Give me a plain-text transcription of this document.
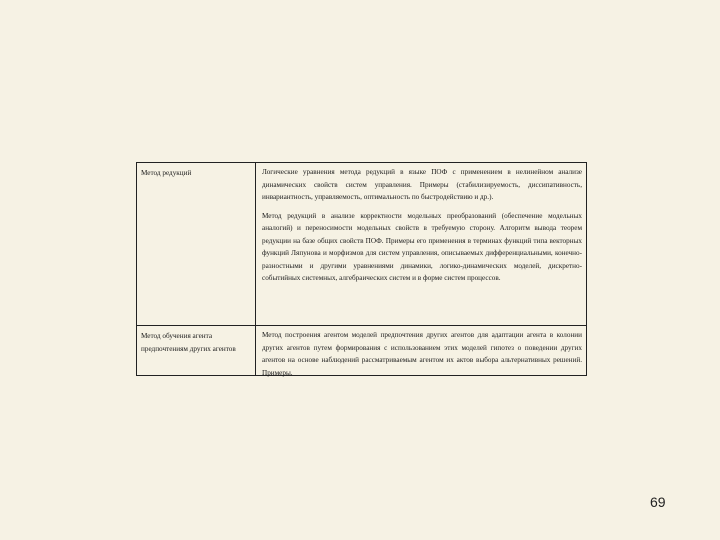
Метод редукций	Логические уравнения метода редукций в языке ПОФ с применением в нелинейном анализе динамических свойств систем управления. Примеры (стабилизируемость, диссипативность, инвариантность, управляемость, оптимальность по быстродействию и др.).

Метод редукций в анализе корректности модельных преобразований (обеспечение модельных аналогий) и переносимости модельных свойств в требуемую сторону. Алгоритм вывода теорем редукции на базе общих свойств ПОФ. Примеры его применения в терминах функций типа векторных функций Ляпунова и морфизмов для систем управления, описываемых дифференциальными, конечно-разностными и другими уравнениями динамики, логико-динамических моделей, дискретно-событийных системных, алгебраических систем и в форме систем процессов.

Метод обучения агента предпочтениям других агентов

Метод построения агентом моделей предпочтения других агентов для адаптации агента в колонии других агентов путем формирования с использованием этих моделей гипотез о поведении других агентов на основе наблюдений рассматриваемым агентом их актов выбора альтернативных решений. Примеры.

69
